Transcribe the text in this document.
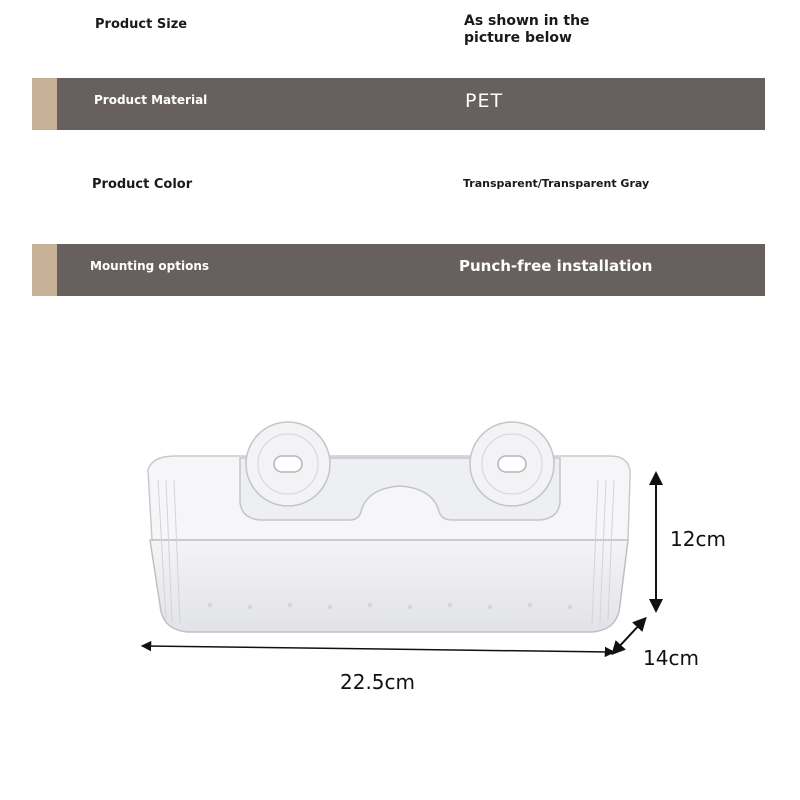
Product Size	As shown in the
picture below
Product Material	PET
Product Color	Transparent/Transparent Gray
Mounting options	Punch-free installation
12cm
14cm
22.5cm
